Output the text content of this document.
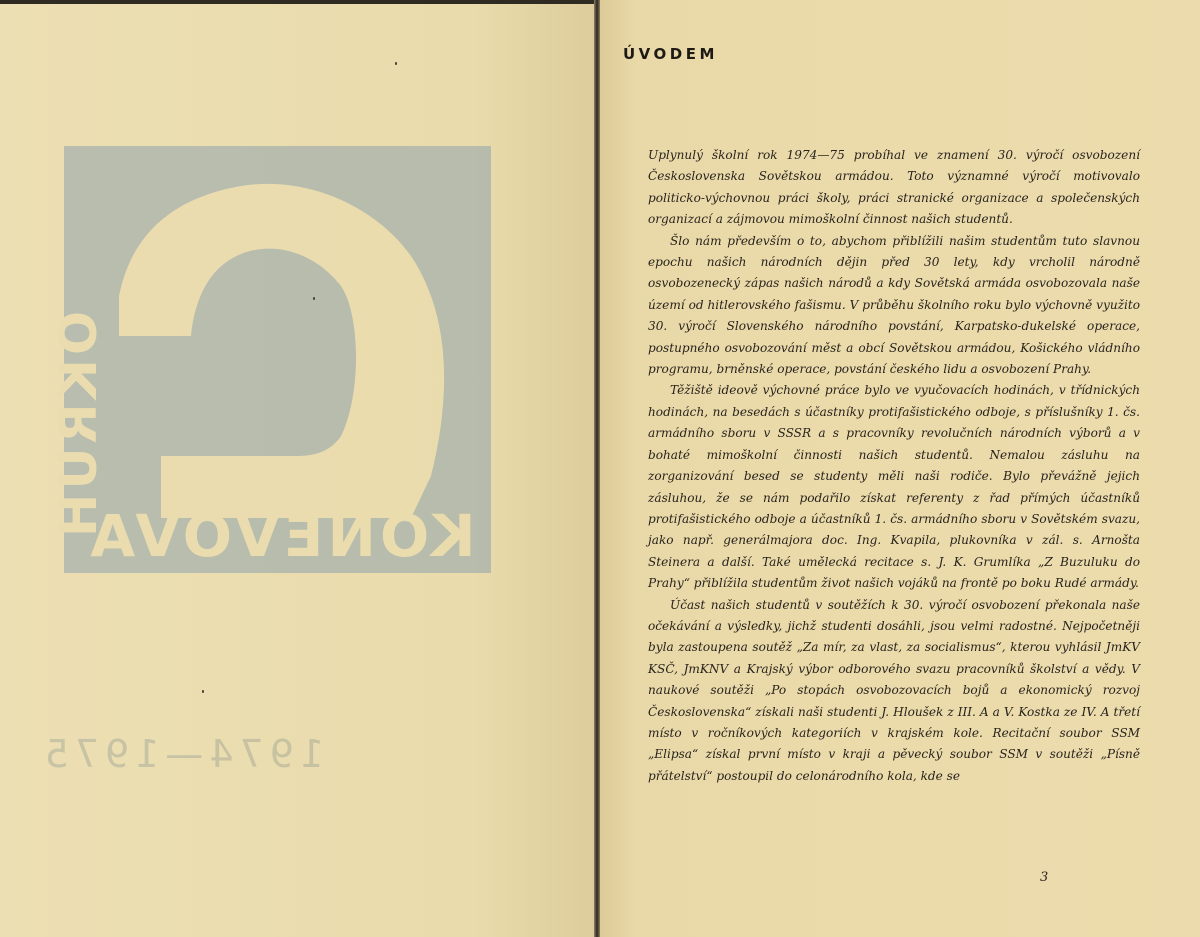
KONĚVOVA
OKRUH
1974—1975
ÚVODEM

Uplynulý školní rok 1974—75 probíhal ve znamení 30. výročí osvobození Československa Sovětskou armádou. Toto významné výročí motivovalo politicko-výchovnou práci školy, práci stranické organizace a společenských organizací a zájmovou mimoškolní činnost našich studentů.

Šlo nám především o to, abychom přiblížili našim studentům tuto slavnou epochu našich národních dějin před 30 lety, kdy vrcholil národně osvobozenecký zápas našich národů a kdy Sovětská armáda osvobozovala naše území od hitlerovského fašismu. V průběhu školního roku bylo výchovně využito 30. výročí Slovenského národního povstání, Karpatsko-dukelské operace, postupného osvobozování měst a obcí Sovětskou armádou, Košického vládního programu, brněnské operace, povstání českého lidu a osvobození Prahy.

Těžiště ideově výchovné práce bylo ve vyučovacích hodinách, v třídnických hodinách, na besedách s účastníky protifašistického odboje, s příslušníky 1. čs. armádního sboru v SSSR a s pracovníky revolučních národních výborů a v bohaté mimoškolní činnosti našich studentů. Nemalou zásluhu na zorganizování besed se studenty měli naši rodiče. Bylo převážně jejich zásluhou, že se nám podařilo získat referenty z řad přímých účastníků protifašistického odboje a účastníků 1. čs. armádního sboru v Sovětském svazu, jako např. generálmajora doc. Ing. Kvapila, plukovníka v zál. s. Arnošta Steinera a další. Také umělecká recitace s. J. K. Grumlíka „Z Buzuluku do Prahy“ přiblížila studentům život našich vojáků na frontě po boku Rudé armády.

Účast našich studentů v soutěžích k 30. výročí osvobození překonala naše očekávání a výsledky, jichž studenti dosáhli, jsou velmi radostné. Nejpočetněji byla zastoupena soutěž „Za mír, za vlast, za socialismus“, kterou vyhlásil JmKV KSČ, JmKNV a Krajský výbor odborového svazu pracovníků školství a vědy. V naukové soutěži „Po stopách osvobozovacích bojů a ekonomický rozvoj Československa“ získali naši studenti J. Hloušek z III. A a V. Kostka ze IV. A třetí místo v ročníkových kategoriích v krajském kole. Recitační soubor SSM „Elipsa“ získal první místo v kraji a pěvecký soubor SSM v soutěži „Písně přátelství“ postoupil do celonárodního kola, kde se

3
